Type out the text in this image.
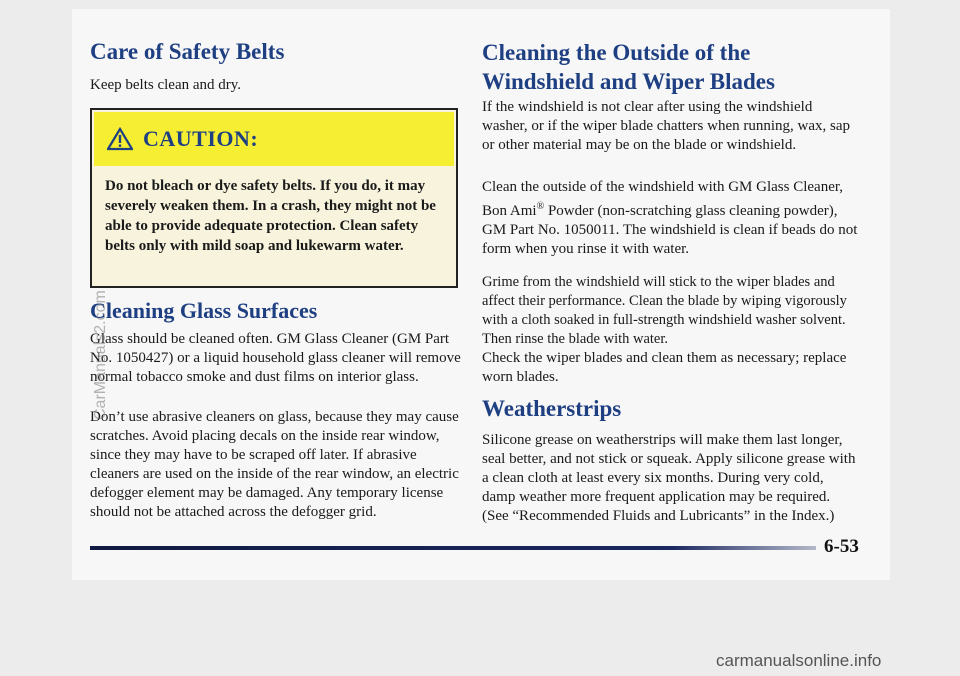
Care of Safety Belts

Keep belts clean and dry.

CAUTION:
Do not bleach or dye safety belts. If you do, it may severely weaken them. In a crash, they might not be able to provide adequate protection. Clean safety belts only with mild soap and lukewarm water.
Cleaning Glass Surfaces

Glass should be cleaned often. GM Glass Cleaner (GM Part No. 1050427) or a liquid household glass cleaner will remove normal tobacco smoke and dust films on interior glass.

Don’t use abrasive cleaners on glass, because they may cause scratches. Avoid placing decals on the inside rear window, since they may have to be scraped off later. If abrasive cleaners are used on the inside of the rear window, an electric defogger element may be damaged. Any temporary license should not be attached across the defogger grid.

Cleaning the Outside of the Windshield and Wiper Blades

If the windshield is not clear after using the windshield washer, or if the wiper blade chatters when running, wax, sap or other material may be on the blade or windshield.

Clean the outside of the windshield with GM Glass Cleaner, Bon Ami® Powder (non-scratching glass cleaning powder), GM Part No. 1050011. The windshield is clean if beads do not form when you rinse it with water.

Grime from the windshield will stick to the wiper blades and affect their performance. Clean the blade by wiping vigorously with a cloth soaked in full-strength windshield washer solvent. Then rinse the blade with water.

Check the wiper blades and clean them as necessary; replace worn blades.

Weatherstrips

Silicone grease on weatherstrips will make them last longer, seal better, and not stick or squeak. Apply silicone grease with a clean cloth at least every six months. During very cold, damp weather more frequent application may be required. (See “Recommended Fluids and Lubricants” in the Index.)

6-53
carmanualsonline.info
